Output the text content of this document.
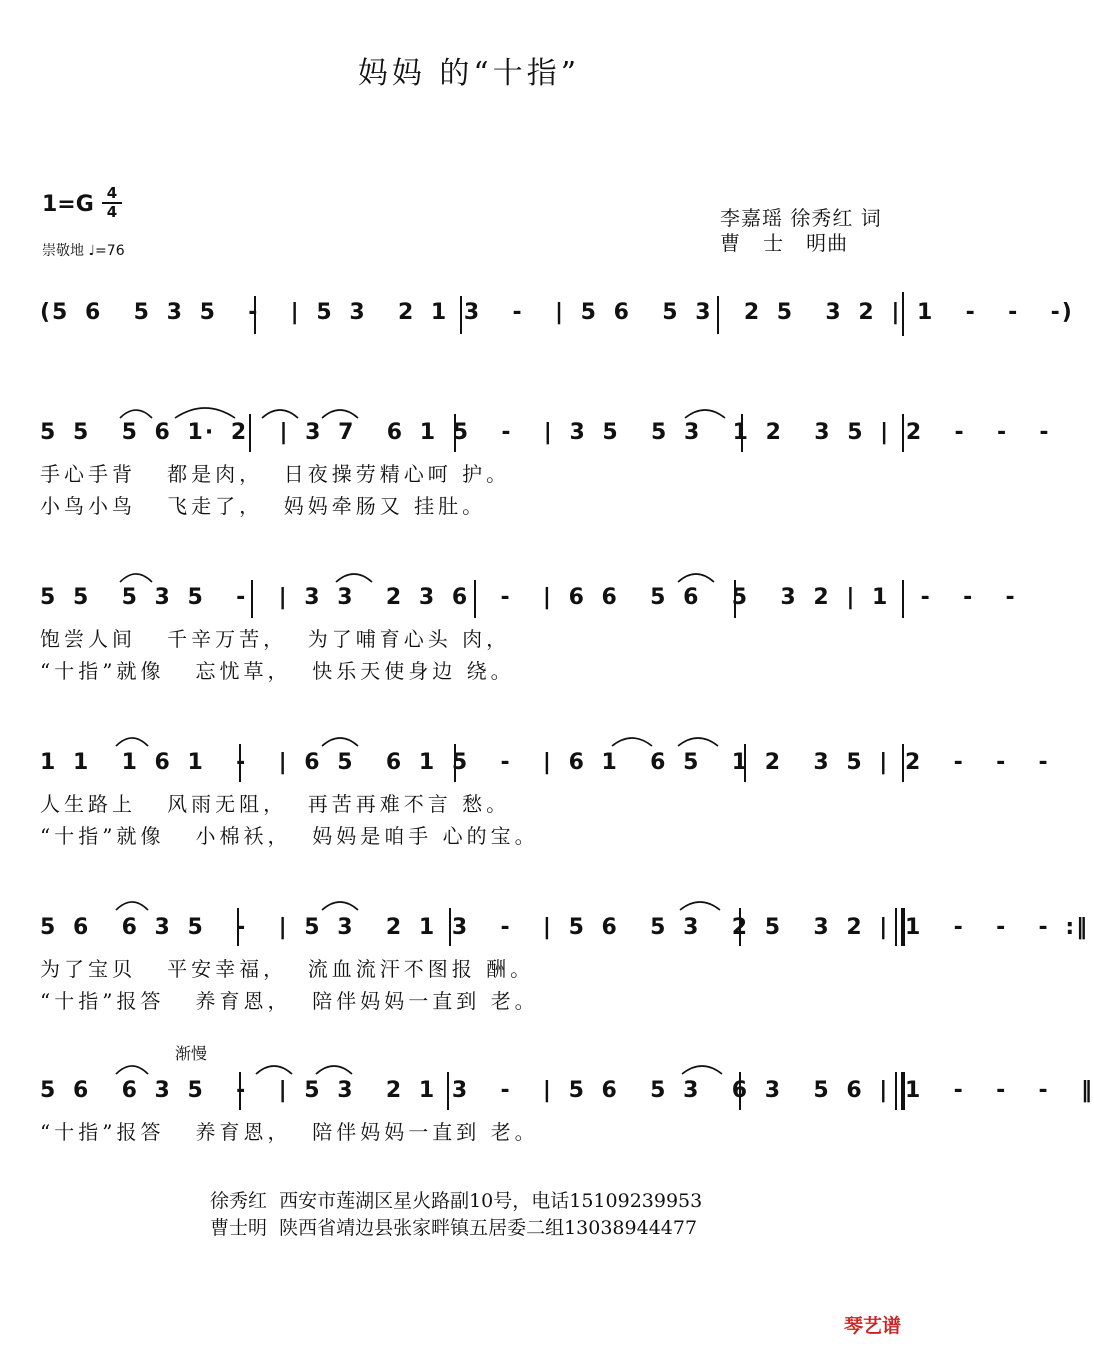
妈妈 的“十指”
1=G 4
4
崇敬地 ♩=76
李嘉瑶 徐秀红 词
曹   士   明曲
渐慢
(5 6  5 3 5  -  | 5 3  2 1 3  -  | 5 6  5 3  2 5  3 2 | 1  -  -  -)
5 5  5 6 1· 2  | 3 7  6 1 5  -  | 3 5  5 3  1 2  3 5 | 2  -  -  -
手心手背   都是肉，  日夜操劳精心呵 护。
小鸟小鸟   飞走了，  妈妈牵肠又 挂肚。
5 5  5 3 5  -  | 3 3  2 3 6  -  | 6 6  5 6  5  3 2 | 1  -  -  -
饱尝人间   千辛万苦，  为了哺育心头 肉，
“十指”就像   忘忧草，  快乐天使身边 绕。
1 1  1 6 1  -  | 6 5  6 1 5  -  | 6 1  6 5  1 2  3 5 | 2  -  -  -
人生路上   风雨无阻，  再苦再难不言 愁。
“十指”就像   小棉袄，  妈妈是咱手 心的宝。
5 6  6 3 5  -  | 5 3  2 1 3  -  | 5 6  5 3  2 5  3 2 | 1  -  -  - :‖
为了宝贝   平安幸福，  流血流汗不图报 酬。
“十指”报答   养育恩，  陪伴妈妈一直到 老。
5 6  6 3 5  -  | 5 3  2 1 3  -  | 5 6  5 3  6 3  5 6 | 1  -  -  -  ‖
“十指”报答   养育恩，  陪伴妈妈一直到 老。
徐秀红  西安市莲湖区星火路副10号，电话15109239953
曹士明  陕西省靖边县张家畔镇五居委二组13038944477
琴艺谱
